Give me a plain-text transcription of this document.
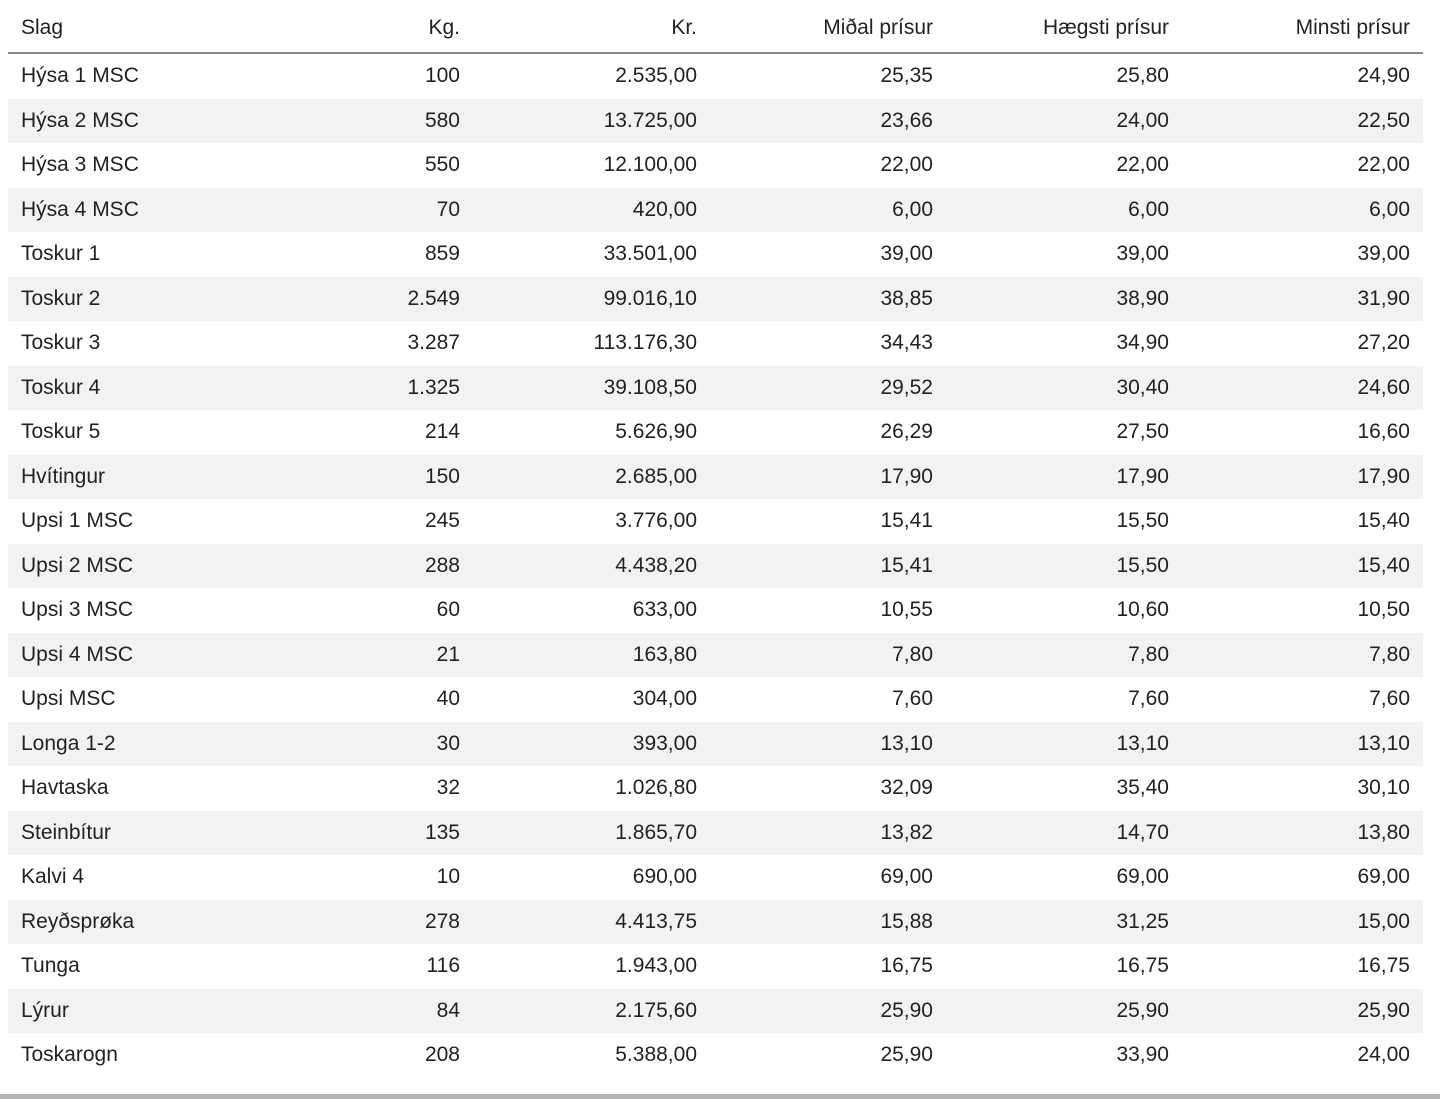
Slag	Kg.	Kr.	Miðal prísur	Hægsti prísur	Minsti prísur
Hýsa 1 MSC	100	2.535,00	25,35	25,80	24,90
Hýsa 2 MSC	580	13.725,00	23,66	24,00	22,50
Hýsa 3 MSC	550	12.100,00	22,00	22,00	22,00
Hýsa 4 MSC	70	420,00	6,00	6,00	6,00
Toskur 1	859	33.501,00	39,00	39,00	39,00
Toskur 2	2.549	99.016,10	38,85	38,90	31,90
Toskur 3	3.287	113.176,30	34,43	34,90	27,20
Toskur 4	1.325	39.108,50	29,52	30,40	24,60
Toskur 5	214	5.626,90	26,29	27,50	16,60
Hvítingur	150	2.685,00	17,90	17,90	17,90
Upsi 1 MSC	245	3.776,00	15,41	15,50	15,40
Upsi 2 MSC	288	4.438,20	15,41	15,50	15,40
Upsi 3 MSC	60	633,00	10,55	10,60	10,50
Upsi 4 MSC	21	163,80	7,80	7,80	7,80
Upsi MSC	40	304,00	7,60	7,60	7,60
Longa 1-2	30	393,00	13,10	13,10	13,10
Havtaska	32	1.026,80	32,09	35,40	30,10
Steinbítur	135	1.865,70	13,82	14,70	13,80
Kalvi 4	10	690,00	69,00	69,00	69,00
Reyðsprøka	278	4.413,75	15,88	31,25	15,00
Tunga	116	1.943,00	16,75	16,75	16,75
Lýrur	84	2.175,60	25,90	25,90	25,90
Toskarogn	208	5.388,00	25,90	33,90	24,00
